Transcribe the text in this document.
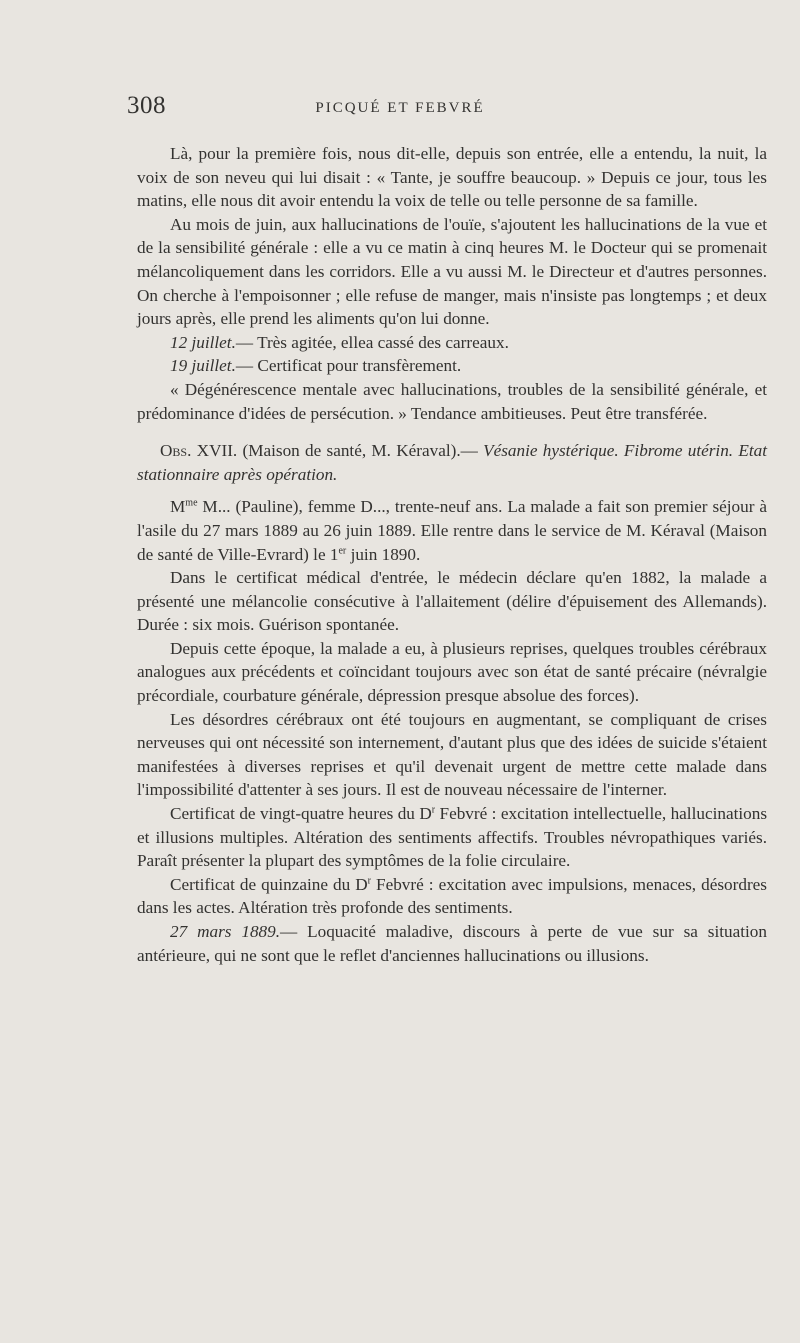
308	PICQUÉ ET FEBVRÉ

Là, pour la première fois, nous dit-elle, depuis son entrée, elle a entendu, la nuit, la voix de son neveu qui lui disait : « Tante, je souffre beaucoup. » Depuis ce jour, tous les matins, elle nous dit avoir entendu la voix de telle ou telle personne de sa famille.

Au mois de juin, aux hallucinations de l'ouïe, s'ajoutent les hallucinations de la vue et de la sensibilité générale : elle a vu ce matin à cinq heures M. le Docteur qui se promenait mélancoliquement dans les corridors. Elle a vu aussi M. le Directeur et d'autres personnes. On cherche à l'empoisonner ; elle refuse de manger, mais n'insiste pas longtemps ; et deux jours après, elle prend les aliments qu'on lui donne.

12 juillet.— Très agitée, ellea cassé des carreaux.

19 juillet.— Certificat pour transfèrement.

« Dégénérescence mentale avec hallucinations, troubles de la sensibilité générale, et prédominance d'idées de persécution. » Tendance ambitieuses. Peut être transférée.

Obs. XVII. (Maison de santé, M. Kéraval).— Vésanie hystérique. Fibrome utérin. Etat stationnaire après opération.

$M^{me}$ M... (Pauline), femme D..., trente-neuf ans. La malade a fait son premier séjour à l'asile du 27 mars 1889 au 26 juin 1889. Elle rentre dans le service de M. Kéraval (Maison de santé de Ville-Evrard) le 1er juin 1890.

Dans le certificat médical d'entrée, le médecin déclare qu'en 1882, la malade a présenté une mélancolie consécutive à l'allaitement (délire d'épuisement des Allemands). Durée : six mois. Guérison spontanée.

Depuis cette époque, la malade a eu, à plusieurs reprises, quelques troubles cérébraux analogues aux précédents et coïncidant toujours avec son état de santé précaire (névralgie précordiale, courbature générale, dépression presque absolue des forces).

Les désordres cérébraux ont été toujours en augmentant, se compliquant de crises nerveuses qui ont nécessité son internement, d'autant plus que des idées de suicide s'étaient manifestées à diverses reprises et qu'il devenait urgent de mettre cette malade dans l'impossibilité d'attenter à ses jours. Il est de nouveau nécessaire de l'interner.

Certificat de vingt-quatre heures du $D^r$ Febvré : excitation intellectuelle, hallucinations et illusions multiples. Altération des sentiments affectifs. Troubles névropathiques variés. Paraît présenter la plupart des symptômes de la folie circulaire.

Certificat de quinzaine du $D^r$ Febvré : excitation avec impulsions, menaces, désordres dans les actes. Altération très profonde des sentiments.

27 mars 1889.— Loquacité maladive, discours à perte de vue sur sa situation antérieure, qui ne sont que le reflet d'anciennes hallucinations ou illusions.
